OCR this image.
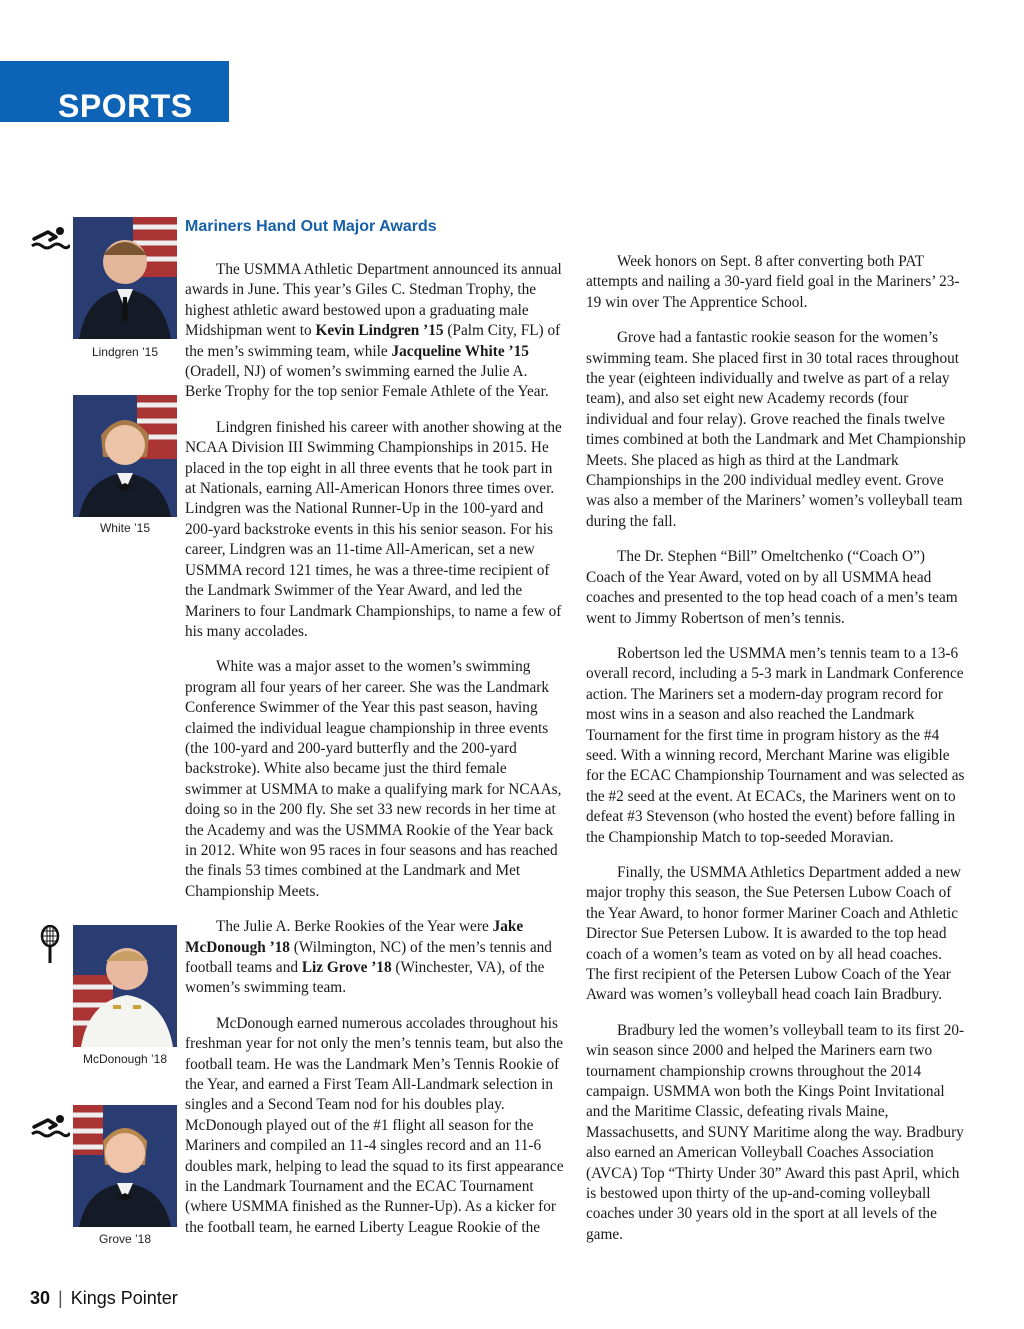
SPORTS
Lindgren ’15
White ’15
McDonough ’18
Grove ’18
Mariners Hand Out Major Awards

The USMMA Athletic Department announced its annual awards in June. This year’s Giles C. Stedman Trophy, the highest athletic award bestowed upon a graduating male Midshipman went to Kevin Lindgren ’15 (Palm City, FL) of the men’s swimming team, while Jacqueline White ’15 (Oradell, NJ) of women’s swimming earned the Julie A. Berke Trophy for the top senior Female Athlete of the Year.

Lindgren finished his career with another showing at the NCAA Division III Swimming Championships in 2015. He placed in the top eight in all three events that he took part in at Nationals, earning All-American Honors three times over. Lindgren was the National Runner-Up in the 100-yard and 200-yard backstroke events in this his senior season. For his career, Lindgren was an 11-time All-American, set a new USMMA record 121 times, he was a three-time recipient of the Landmark Swimmer of the Year Award, and led the Mariners to four Landmark Championships, to name a few of his many accolades.

White was a major asset to the women’s swimming program all four years of her career. She was the Landmark Conference Swimmer of the Year this past season, having claimed the individual league championship in three events (the 100-yard and 200-yard butterfly and the 200-yard backstroke). White also became just the third female swimmer at USMMA to make a qualifying mark for NCAAs, doing so in the 200 fly. She set 33 new records in her time at the Academy and was the USMMA Rookie of the Year back in 2012. White won 95 races in four seasons and has reached the finals 53 times combined at the Landmark and Met Championship Meets.

The Julie A. Berke Rookies of the Year were Jake McDonough ’18 (Wilmington, NC) of the men’s tennis and football teams and Liz Grove ’18 (Winchester, VA), of the women’s swimming team.

McDonough earned numerous accolades throughout his freshman year for not only the men’s tennis team, but also the football team. He was the Landmark Men’s Tennis Rookie of the Year, and earned a First Team All-Landmark selection in singles and a Second Team nod for his doubles play. McDonough played out of the #1 flight all season for the Mariners and compiled an 11-4 singles record and an 11-6 doubles mark, helping to lead the squad to its first appearance in the Landmark Tournament and the ECAC Tournament (where USMMA finished as the Runner-Up). As a kicker for the football team, he earned Liberty League Rookie of the

Week honors on Sept. 8 after converting both PAT attempts and nailing a 30-yard field goal in the Mariners’ 23-19 win over The Apprentice School.

Grove had a fantastic rookie season for the women’s swimming team. She placed first in 30 total races throughout the year (eighteen individually and twelve as part of a relay team), and also set eight new Academy records (four individual and four relay). Grove reached the finals twelve times combined at both the Landmark and Met Championship Meets. She placed as high as third at the Landmark Championships in the 200 individual medley event. Grove was also a member of the Mariners’ women’s volleyball team during the fall.

The Dr. Stephen “Bill” Omeltchenko (“Coach O”) Coach of the Year Award, voted on by all USMMA head coaches and presented to the top head coach of a men’s team went to Jimmy Robertson of men’s tennis.

Robertson led the USMMA men’s tennis team to a 13-6 overall record, including a 5-3 mark in Landmark Conference action. The Mariners set a modern-day program record for most wins in a season and also reached the Landmark Tournament for the first time in program history as the #4 seed. With a winning record, Merchant Marine was eligible for the ECAC Championship Tournament and was selected as the #2 seed at the event. At ECACs, the Mariners went on to defeat #3 Stevenson (who hosted the event) before falling in the Championship Match to top-seeded Moravian.

Finally, the USMMA Athletics Department added a new major trophy this season, the Sue Petersen Lubow Coach of the Year Award, to honor former Mariner Coach and Athletic Director Sue Petersen Lubow. It is awarded to the top head coach of a women’s team as voted on by all head coaches. The first recipient of the Petersen Lubow Coach of the Year Award was women’s volleyball head coach Iain Bradbury.

Bradbury led the women’s volleyball team to its first 20-win season since 2000 and helped the Mariners earn two tournament championship crowns throughout the 2014 campaign. USMMA won both the Kings Point Invitational and the Maritime Classic, defeating rivals Maine, Massachusetts, and SUNY Maritime along the way. Bradbury also earned an American Volleyball Coaches Association (AVCA) Top “Thirty Under 30” Award this past April, which is bestowed upon thirty of the up-and-coming volleyball coaches under 30 years old in the sport at all levels of the game.

30 | Kings Pointer
